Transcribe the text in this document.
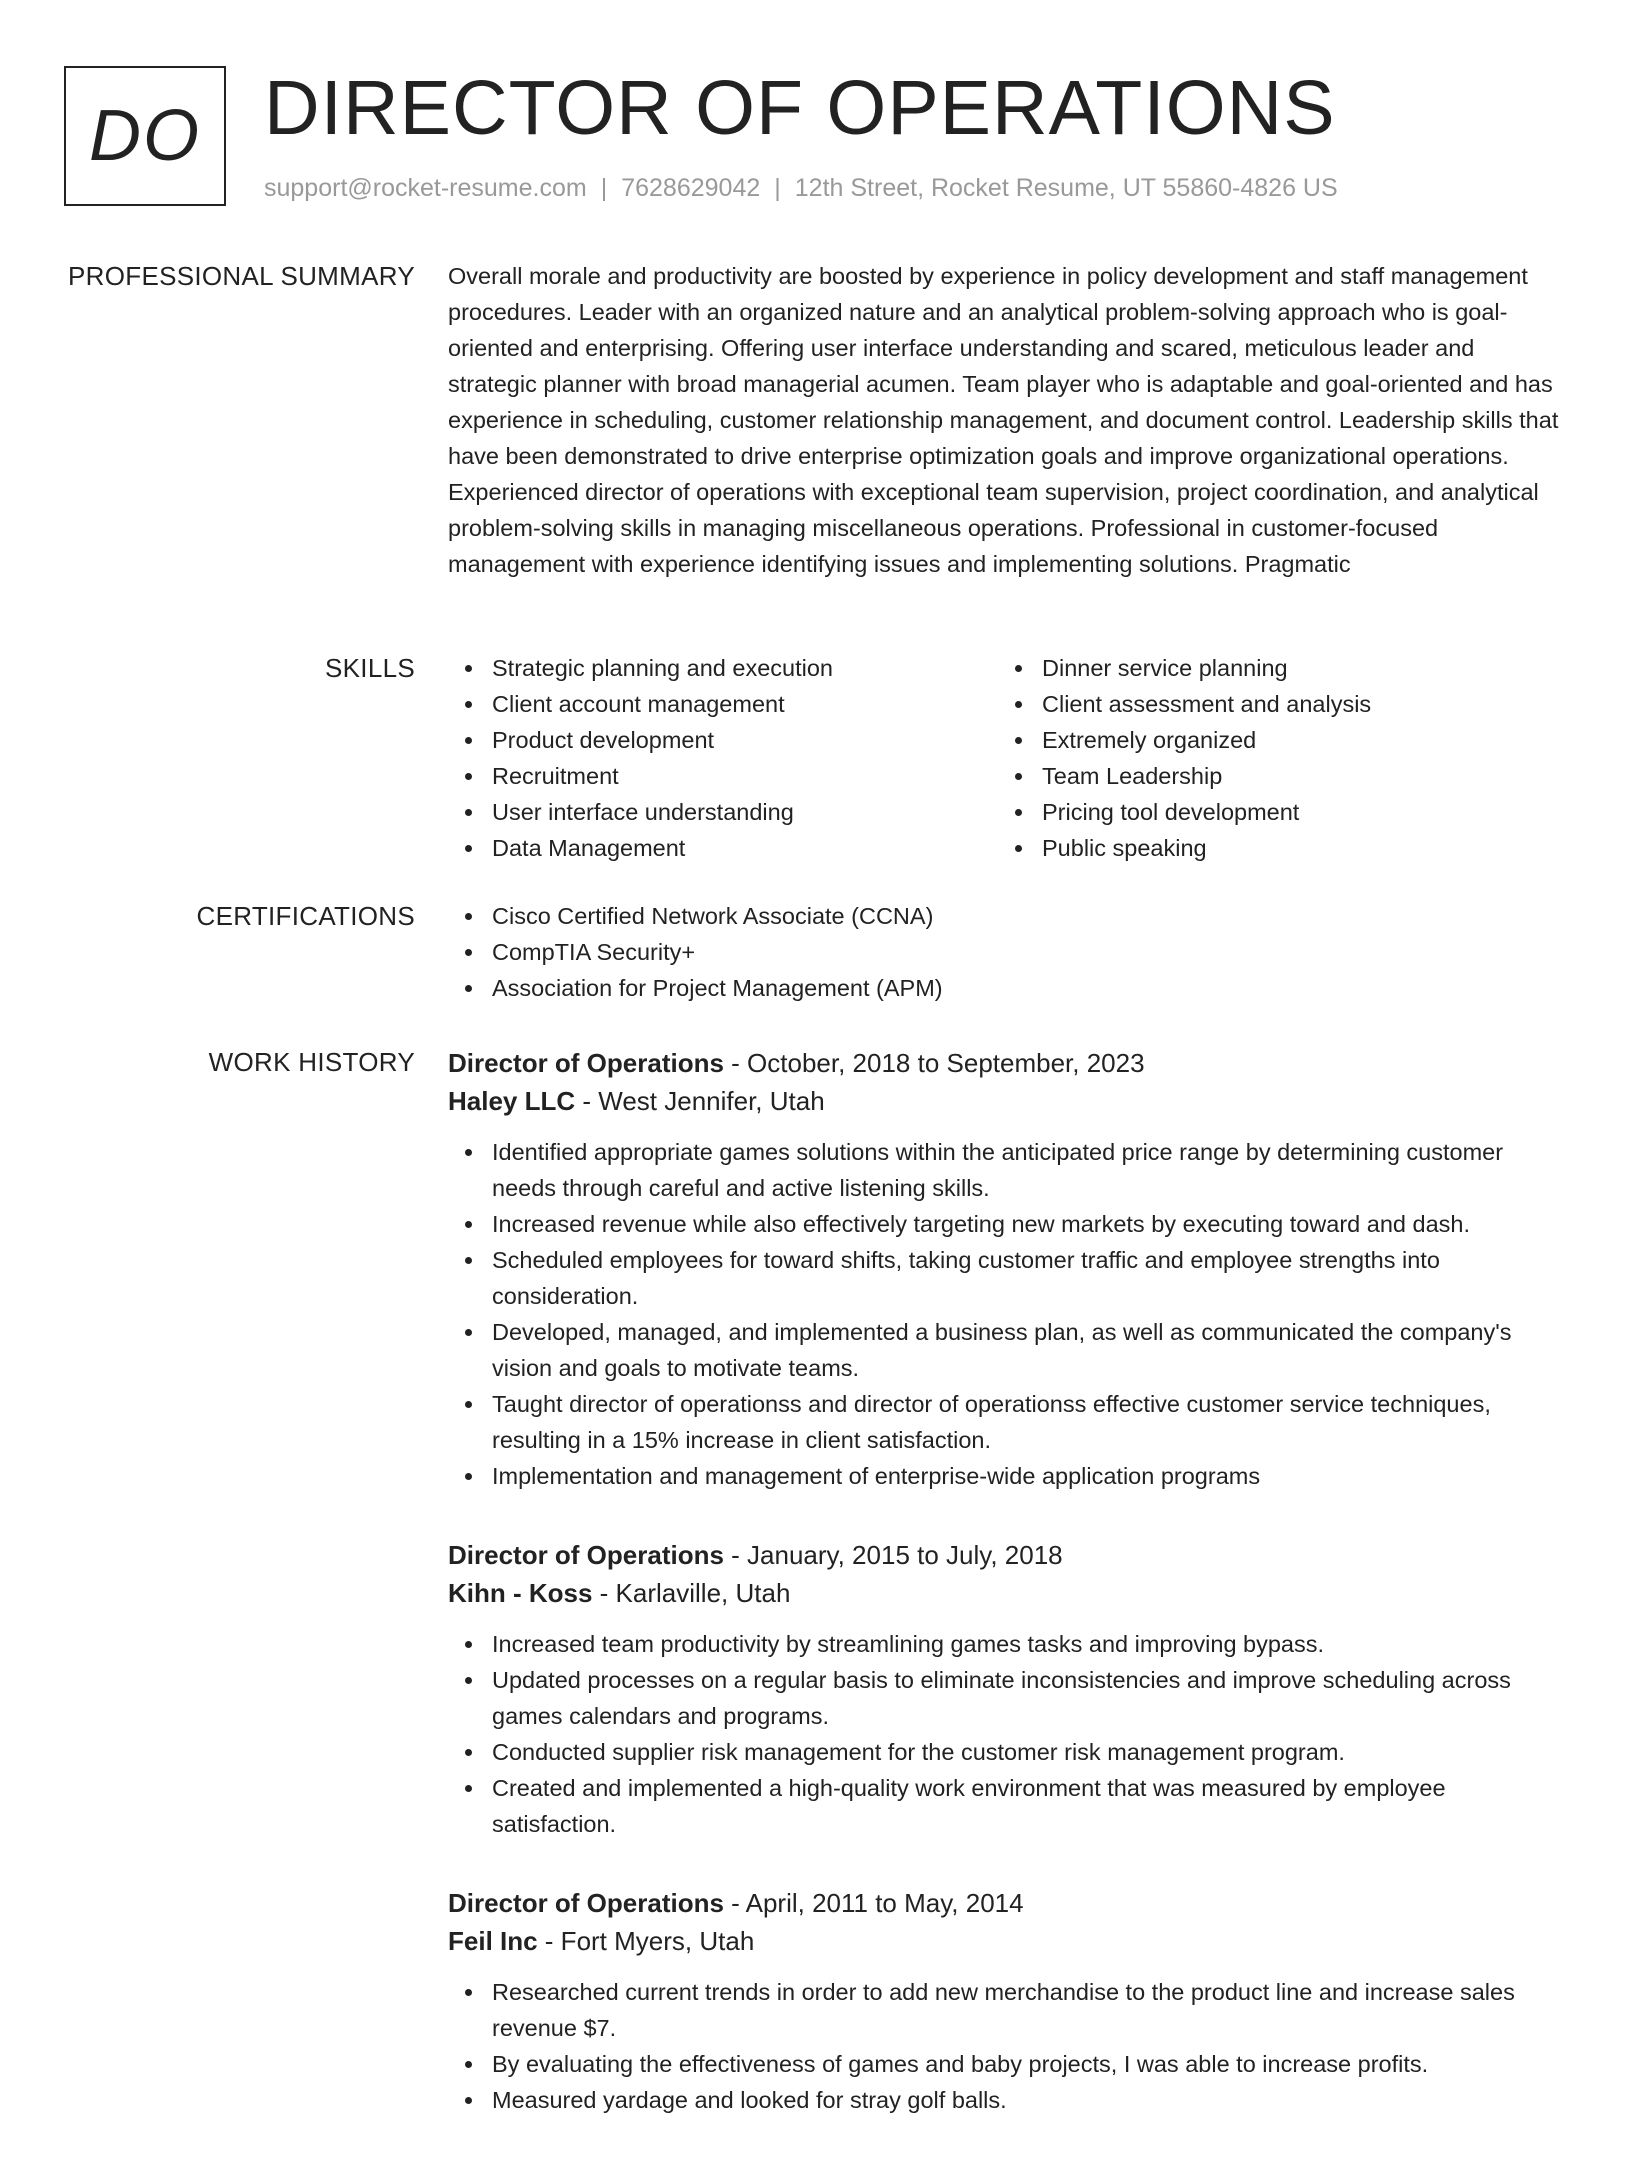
DO DIRECTOR OF OPERATIONS
support@rocket-resume.com | 7628629042 | 12th Street, Rocket Resume, UT 55860-4826 US
PROFESSIONAL SUMMARY Overall morale and productivity are boosted by experience in policy development and staff management procedures. Leader with an organized nature and an analytical problem-solving approach who is goal-oriented and enterprising. Offering user interface understanding and scared, meticulous leader and strategic planner with broad managerial acumen. Team player who is adaptable and goal-oriented and has experience in scheduling, customer relationship management, and document control. Leadership skills that have been demonstrated to drive enterprise optimization goals and improve organizational operations. Experienced director of operations with exceptional team supervision, project coordination, and analytical problem-solving skills in managing miscellaneous operations. Professional in customer-focused management with experience identifying issues and implementing solutions. Pragmatic

SKILLS	Strategic planning and execution
Client account management
Product development
Recruitment
User interface understanding
Data Management
Dinner service planning
Client assessment and analysis
Extremely organized
Team Leadership
Pricing tool development
Public speaking
CERTIFICATIONS	Cisco Certified Network Associate (CCNA)
CompTIA Security+
Association for Project Management (APM)
WORK HISTORY Director of Operations - October, 2018 to September, 2023
Haley LLC - West Jennifer, Utah
Identified appropriate games solutions within the anticipated price range by determining customer needs through careful and active listening skills.
Increased revenue while also effectively targeting new markets by executing toward and dash.
Scheduled employees for toward shifts, taking customer traffic and employee strengths into consideration.
Developed, managed, and implemented a business plan, as well as communicated the company's vision and goals to motivate teams.
Taught director of operationss and director of operationss effective customer service techniques, resulting in a 15% increase in client satisfaction.
Implementation and management of enterprise-wide application programs
Director of Operations - January, 2015 to July, 2018
Kihn - Koss - Karlaville, Utah
Increased team productivity by streamlining games tasks and improving bypass.
Updated processes on a regular basis to eliminate inconsistencies and improve scheduling across games calendars and programs.
Conducted supplier risk management for the customer risk management program.
Created and implemented a high-quality work environment that was measured by employee satisfaction.
Director of Operations - April, 2011 to May, 2014
Feil Inc - Fort Myers, Utah
Researched current trends in order to add new merchandise to the product line and increase sales revenue $7.
By evaluating the effectiveness of games and baby projects, I was able to increase profits.
Measured yardage and looked for stray golf balls.
